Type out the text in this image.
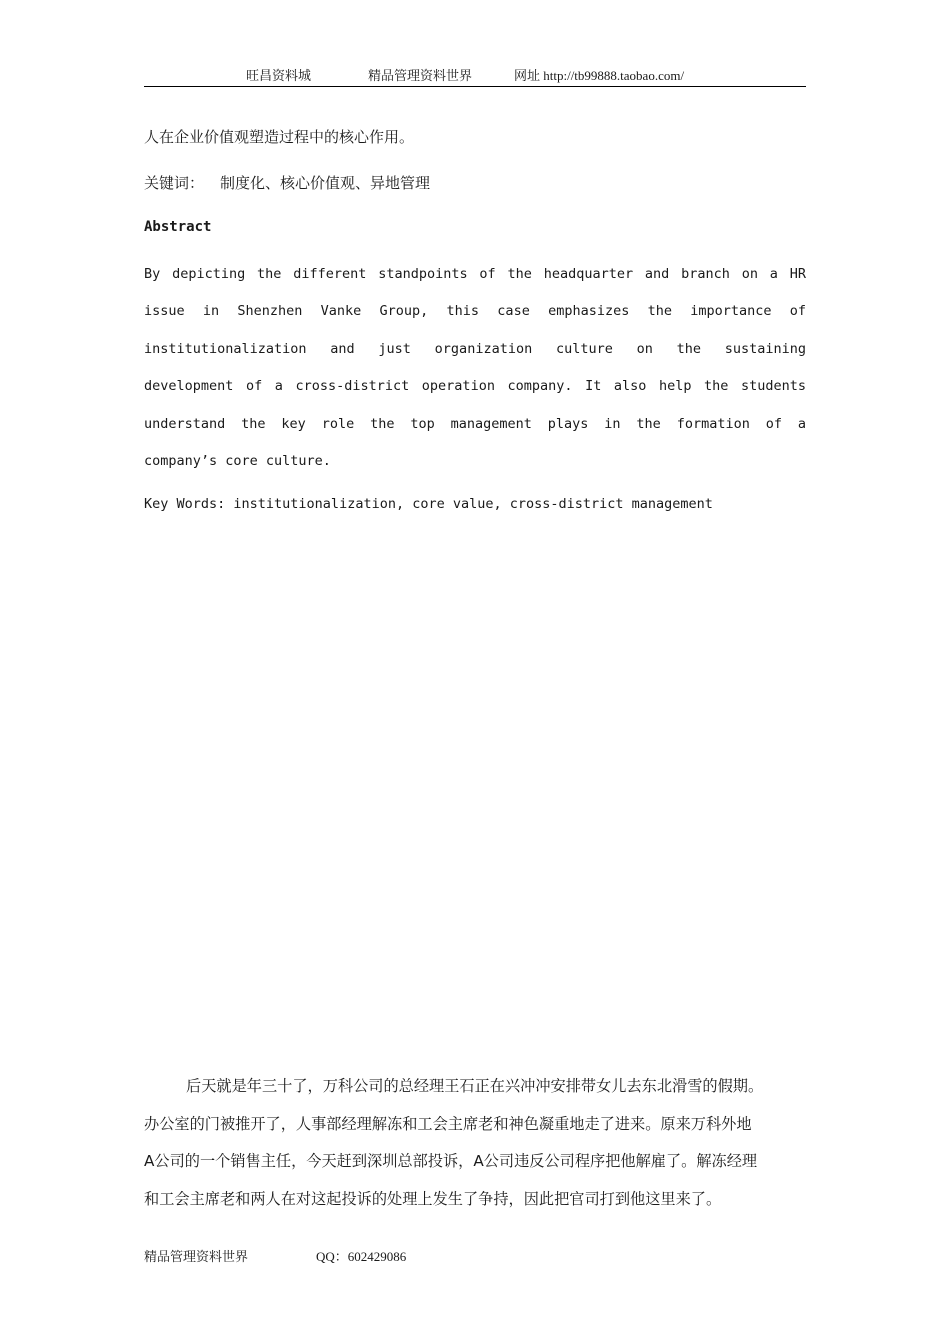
旺昌资料城	精品管理资料世界	网址 http://tb99888.taobao.com/
人在企业价值观塑造过程中的核心作用。
关键词： 制度化、核心价值观、异地管理
Abstract
By depicting the different standpoints of the headquarter and branch on a HR
issue in Shenzhen Vanke Group, this case emphasizes the importance of
institutionalization and just organization culture on the sustaining
development of a cross-district operation company. It also help the students
understand the key role the top management plays in the formation of a
company’s core culture.
Key Words: institutionalization, core value, cross-district management
后天就是年三十了，万科公司的总经理王石正在兴冲冲安排带女儿去东北滑雪的假期。
办公室的门被推开了，人事部经理解冻和工会主席老和神色凝重地走了进来。原来万科外地
A公司的一个销售主任，今天赶到深圳总部投诉，A公司违反公司程序把他解雇了。解冻经理
和工会主席老和两人在对这起投诉的处理上发生了争持，因此把官司打到他这里来了。
精品管理资料世界	QQ：602429086
